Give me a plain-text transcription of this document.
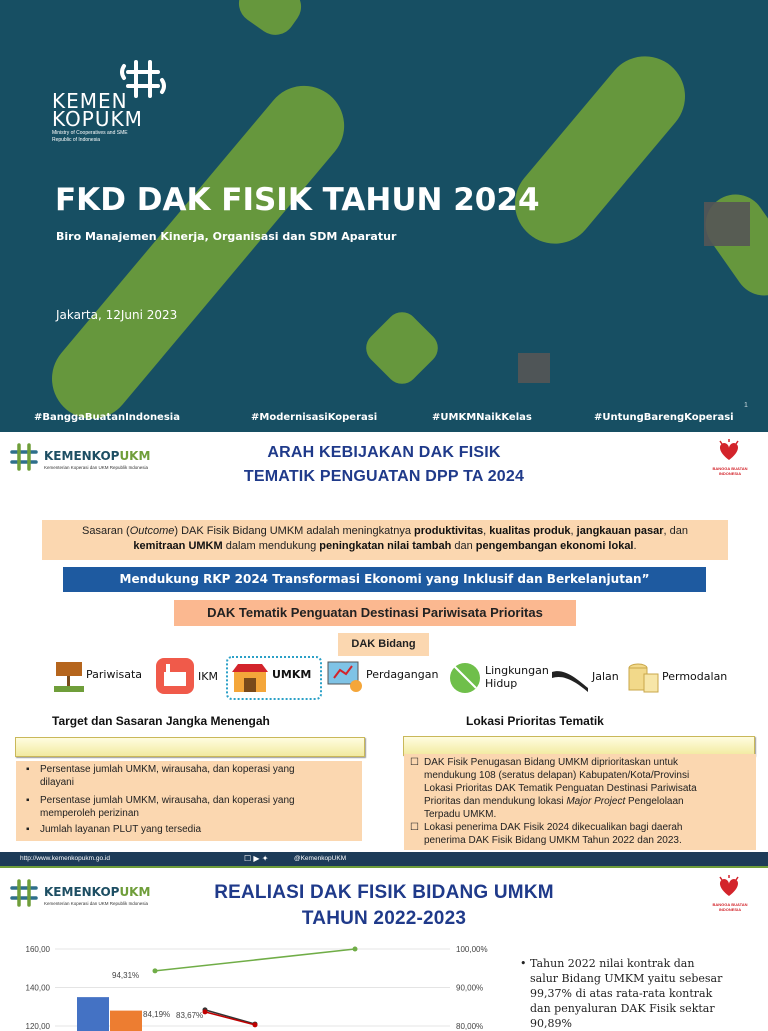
KEMEN
KOPUKM
Ministry of Cooperatives and SME
Republic of Indonesia
FKD DAK FISIK TAHUN 2024
Biro Manajemen Kinerja, Organisasi dan SDM Aparatur
Jakarta, 12Juni 2023
#BanggaBuatanIndonesia	#ModernisasiKoperasi	#UMKMNaikKelas	#UntungBarengKoperasi
1
KEMENKOPUKM
Kementerian Koperasi dan UKM Republik Indonesia
ARAH KEBIJAKAN DAK FISIK
TEMATIK PENGUATAN DPP TA 2024	BANGGA BUATAN INDONESIA
Sasaran (Outcome) DAK Fisik Bidang UMKM adalah meningkatnya produktivitas, kualitas produk, jangkauan pasar, dan
kemitraan UMKM dalam mendukung peningkatan nilai tambah dan pengembangan ekonomi lokal.
Mendukung RKP 2024 Transformasi Ekonomi yang Inklusif dan Berkelanjutan”
DAK Tematik Penguatan Destinasi Pariwisata Prioritas
DAK Bidang
Pariwisata	IKM	UMKM	Perdagangan	Lingkungan
Hidup
Jalan	Permodalan
Target dan Sasaran Jangka Menengah
▪ Persentase jumlah UMKM, wirausaha, dan koperasi yang
dilayani
▪ Persentase jumlah UMKM, wirausaha, dan koperasi yang
memperoleh perizinan
▪ Jumlah layanan PLUT yang tersedia
Lokasi Prioritas Tematik
☐ DAK Fisik Penugasan Bidang UMKM diprioritaskan untuk
mendukung 108 (seratus delapan) Kabupaten/Kota/Provinsi
Lokasi Prioritas DAK Tematik Penguatan Destinasi Pariwisata
Prioritas dan mendukung lokasi Major Project Pengelolaan
Terpadu UMKM.
☐ Lokasi penerima DAK Fisik 2024 dikecualikan bagi daerah
penerima DAK Fisik Bidang UMKM Tahun 2022 dan 2023.
http://www.kemenkopukm.go.id	☐ ▶ ✦	@KemenkopUKM
KEMENKOPUKM
Kementerian Koperasi dan UKM Republik Indonesia
REALIASI DAK FISIK BIDANG UMKM
TAHUN 2022-2023
BANGGA BUATAN INDONESIA
160,00
140,00
120,00
100,00%
90,00%
80,00%
94,31%
84,19% 83,67%
• Tahun 2022 nilai kontrak dan
salur Bidang UMKM yaitu sebesar
99,37% di atas rata-rata kontrak
dan penyaluran DAK Fisik sektar
90,89%
